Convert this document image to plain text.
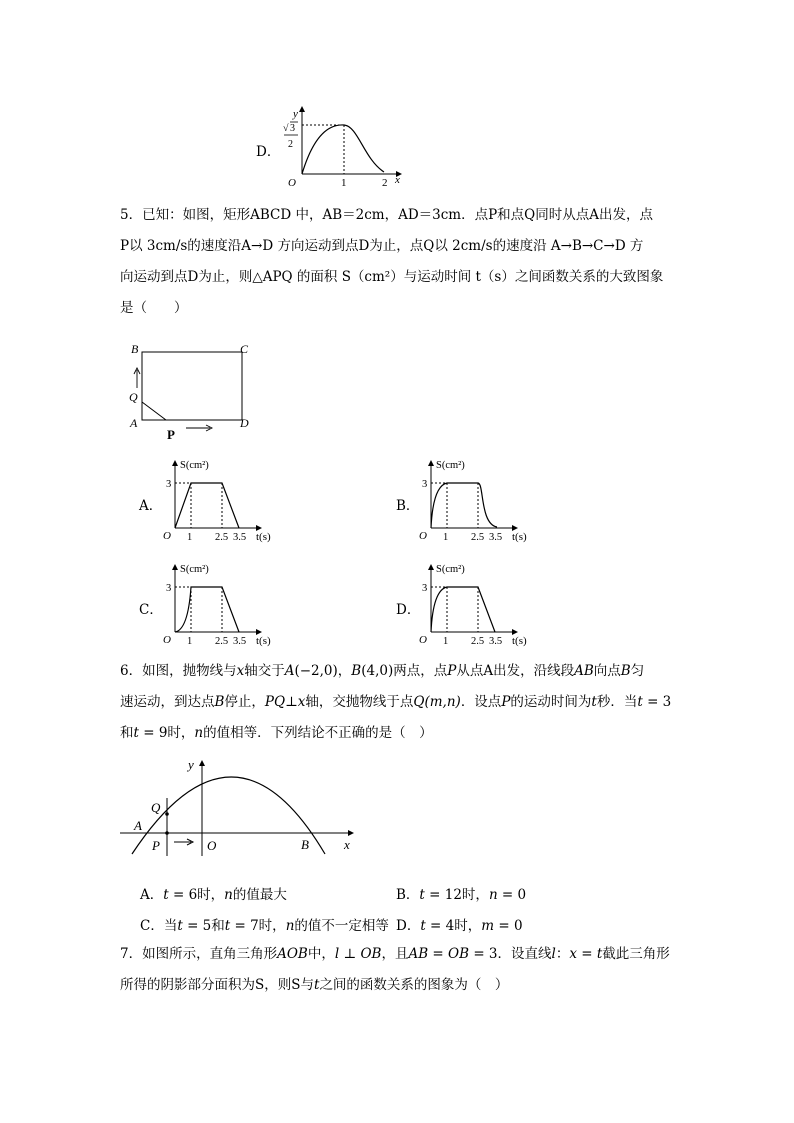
D．
y
x
O
√ 3
2
1	2
5．已知：如图，矩形ABCD 中，AB＝2cm，AD＝3cm．点P和点Q同时从点A出发，点
P以 3cm/s的速度沿A→D 方向运动到点D为止，点Q以 2cm/s的速度沿 A→B→C→D 方
向运动到点D为止，则△APQ 的面积 S（cm²）与运动时间 t（s）之间函数关系的大致图象
是（　　）
B	C
Q
A	D
P
A．
S(cm²)
t(s)
O
3
1 2.5 3.5
B．
S(cm²)
t(s)
O
3
1 2.5 3.5
C．
S(cm²)
t(s)
O
3
1 2.5 3.5
D．
S(cm²)
t(s)
O
3
1 2.5 3.5
6．如图，抛物线与x轴交于A(−2,0)，B(4,0)两点，点P从点A出发，沿线段AB向点B匀
速运动，到达点B停止，PQ⊥x轴，交抛物线于点Q(m,n)．设点P的运动时间为t秒．当t = 3
和t = 9时，n的值相等．下列结论不正确的是（　）
y
x
Q
A
P	O	B
A．t = 6时，n的值最大	B．t = 12时，n = 0
C．当t = 5和t = 7时，n的值不一定相等 D．t = 4时，m = 0
7．如图所示，直角三角形AOB中，l ⊥ OB，且AB = OB = 3．设直线l：x = t截此三角形
所得的阴影部分面积为S，则S与t之间的函数关系的图象为（　）
